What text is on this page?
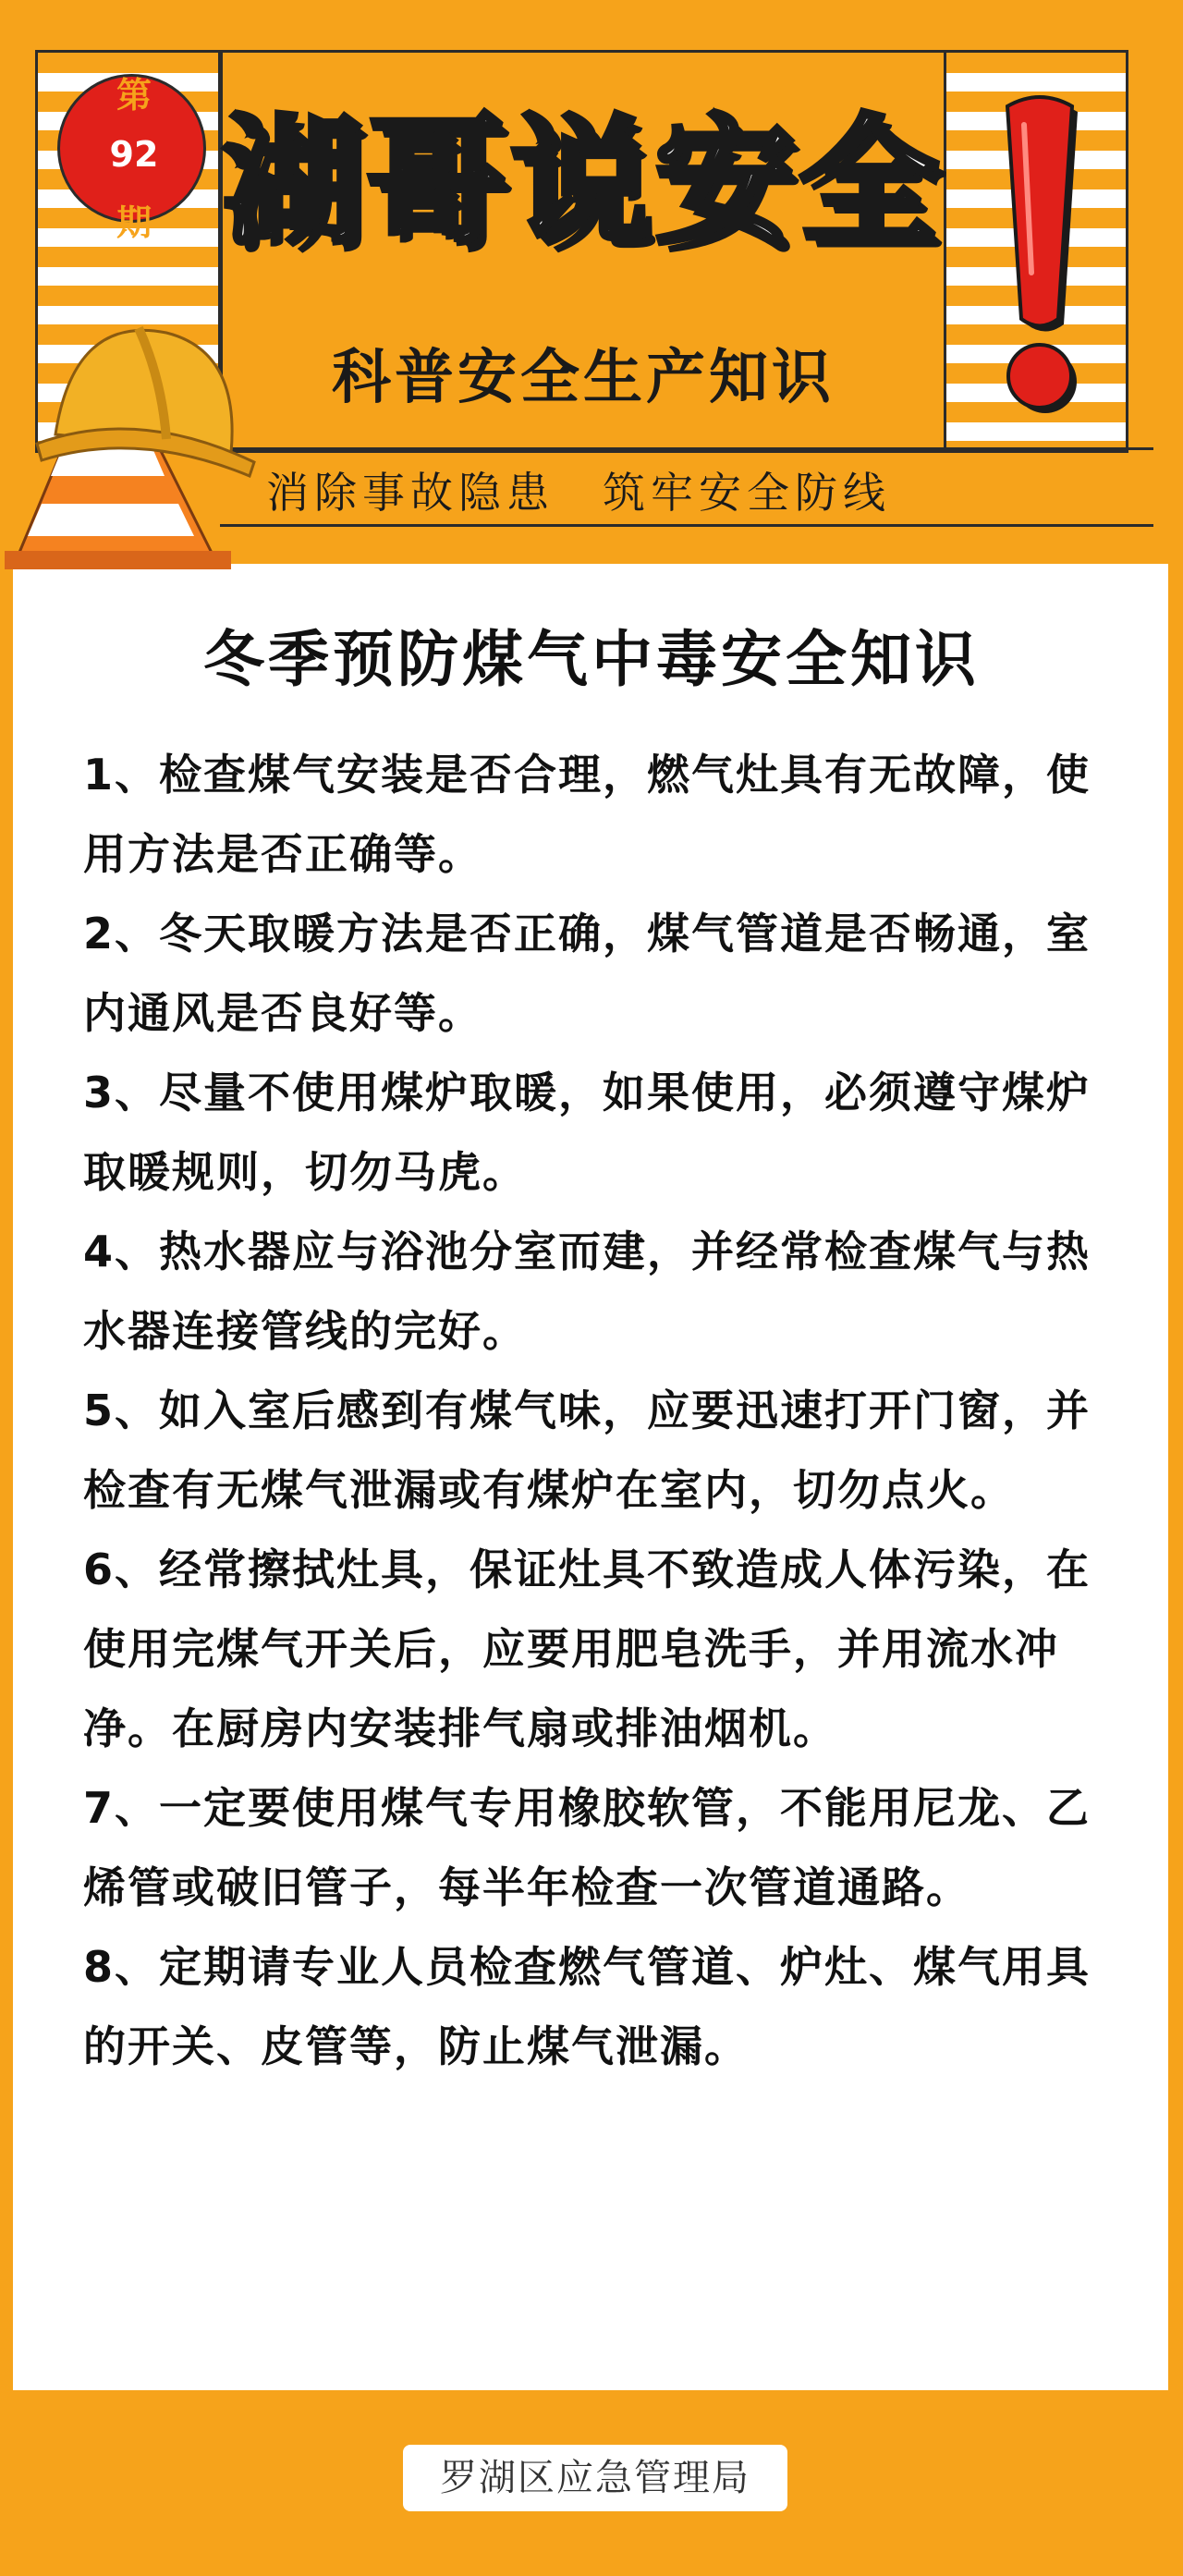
湖哥说安全
科普安全生产知识
消除事故隐患　筑牢安全防线
第
92
期
冬季预防煤气中毒安全知识
1、检查煤气安装是否合理，燃气灶具有无故障，使用方法是否正确等。
2、冬天取暖方法是否正确，煤气管道是否畅通，室内通风是否良好等。
3、尽量不使用煤炉取暖，如果使用，必须遵守煤炉取暖规则，切勿马虎。
4、热水器应与浴池分室而建，并经常检查煤气与热水器连接管线的完好。
5、如入室后感到有煤气味，应要迅速打开门窗，并检查有无煤气泄漏或有煤炉在室内，切勿点火。
6、经常擦拭灶具，保证灶具不致造成人体污染，在使用完煤气开关后，应要用肥皂洗手，并用流水冲净。在厨房内安装排气扇或排油烟机。
7、一定要使用煤气专用橡胶软管，不能用尼龙、乙烯管或破旧管子，每半年检查一次管道通路。
8、定期请专业人员检查燃气管道、炉灶、煤气用具的开关、皮管等，防止煤气泄漏。
罗湖区应急管理局
